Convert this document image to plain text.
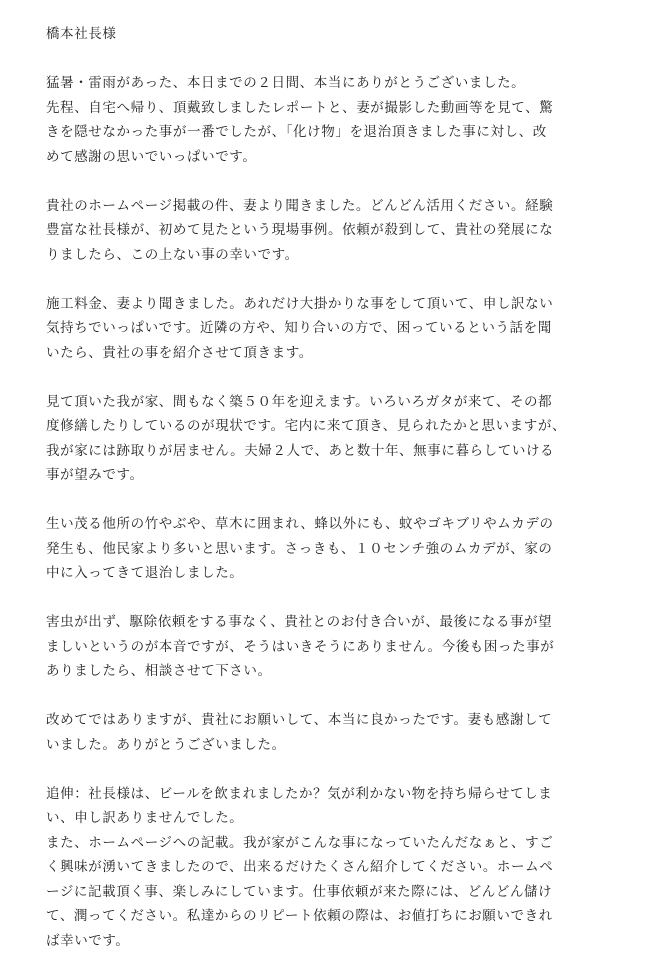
橋本社長様
猛暑・雷雨があった、本日までの２日間、本当にありがとうございました。
先程、自宅へ帰り、頂戴致しましたレポートと、妻が撮影した動画等を見て、驚
きを隠せなかった事が一番でしたが、「化け物」を退治頂きました事に対し、改
めて感謝の思いでいっぱいです。
貴社のホームページ掲載の件、妻より聞きました。どんどん活用ください。経験
豊富な社長様が、初めて見たという現場事例。依頼が殺到して、貴社の発展にな
りましたら、この上ない事の幸いです。
施工料金、妻より聞きました。あれだけ大掛かりな事をして頂いて、申し訳ない
気持ちでいっぱいです。近隣の方や、知り合いの方で、困っているという話を聞
いたら、貴社の事を紹介させて頂きます。
見て頂いた我が家、間もなく築５０年を迎えます。いろいろガタが来て、その都
度修繕したりしているのが現状です。宅内に来て頂き、見られたかと思いますが、
我が家には跡取りが居ません。夫婦２人で、あと数十年、無事に暮らしていける
事が望みです。
生い茂る他所の竹やぶや、草木に囲まれ、蜂以外にも、蚊やゴキブリやムカデの
発生も、他民家より多いと思います。さっきも、１０センチ強のムカデが、家の
中に入ってきて退治しました。
害虫が出ず、駆除依頼をする事なく、貴社とのお付き合いが、最後になる事が望
ましいというのが本音ですが、そうはいきそうにありません。今後も困った事が
ありましたら、相談させて下さい。
改めてではありますが、貴社にお願いして、本当に良かったです。妻も感謝して
いました。ありがとうございました。
追伸：社長様は、ビールを飲まれましたか？気が利かない物を持ち帰らせてしま
い、申し訳ありませんでした。
また、ホームページへの記載。我が家がこんな事になっていたんだなぁと、すご
く興味が湧いてきましたので、出来るだけたくさん紹介してください。ホームペ
ージに記載頂く事、楽しみにしています。仕事依頼が来た際には、どんどん儲け
て、潤ってください。私達からのリピート依頼の際は、お値打ちにお願いできれ
ば幸いです。
